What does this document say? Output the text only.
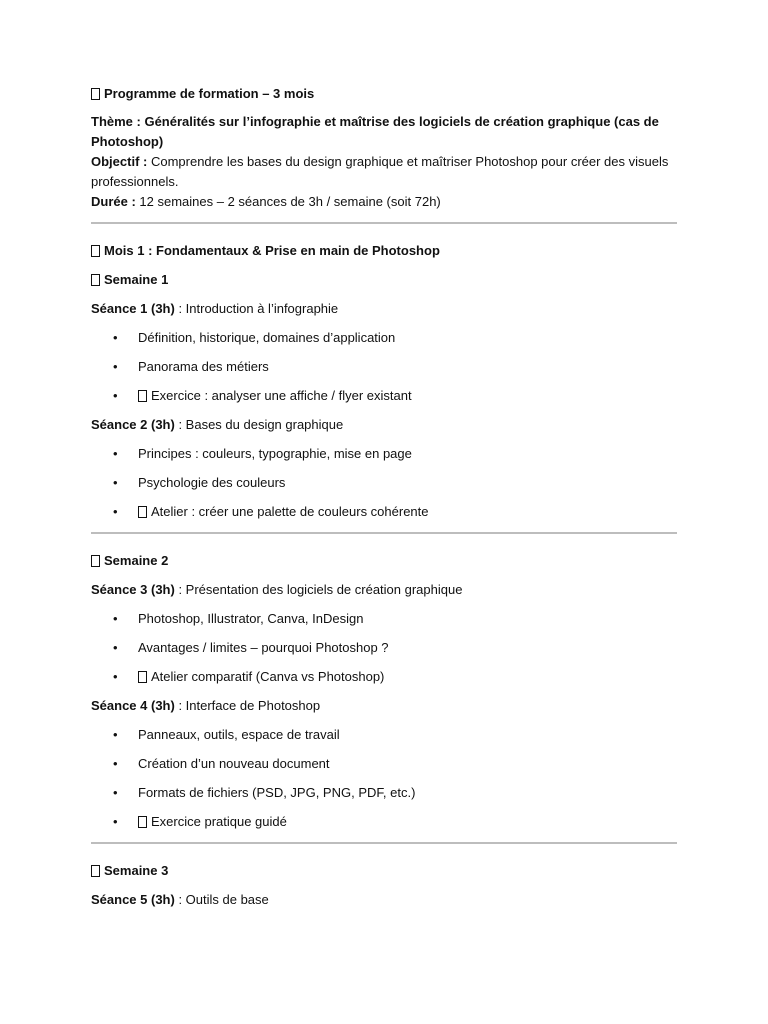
Programme de formation – 3 mois

Thème : Généralités sur l’infographie et maîtrise des logiciels de création graphique (cas de Photoshop)

Objectif : Comprendre les bases du design graphique et maîtriser Photoshop pour créer des visuels professionnels.

Durée : 12 semaines – 2 séances de 3h / semaine (soit 72h)

Mois 1 : Fondamentaux & Prise en main de Photoshop

Semaine 1

Séance 1 (3h) : Introduction à l’infographie

• Définition, historique, domaines d’application
• Panorama des métiers
• Exercice : analyser une affiche / flyer existant

Séance 2 (3h) : Bases du design graphique

• Principes : couleurs, typographie, mise en page
• Psychologie des couleurs
• Atelier : créer une palette de couleurs cohérente

Semaine 2

Séance 3 (3h) : Présentation des logiciels de création graphique

• Photoshop, Illustrator, Canva, InDesign
• Avantages / limites – pourquoi Photoshop ?
• Atelier comparatif (Canva vs Photoshop)

Séance 4 (3h) : Interface de Photoshop

• Panneaux, outils, espace de travail
• Création d’un nouveau document
• Formats de fichiers (PSD, JPG, PNG, PDF, etc.)
• Exercice pratique guidé

Semaine 3

Séance 5 (3h) : Outils de base
